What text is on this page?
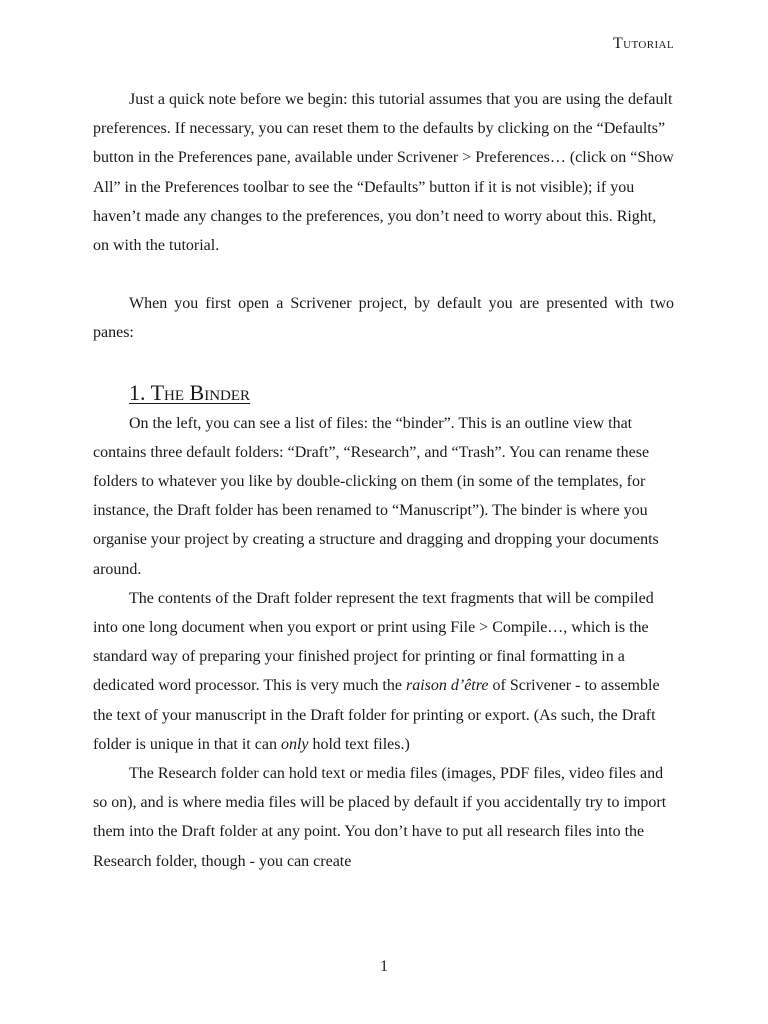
Tutorial

Just a quick note before we begin: this tutorial assumes that you are using the default preferences. If necessary, you can reset them to the defaults by clicking on the “Defaults” button in the Preferences pane, available under Scrivener > Preferences… (click on “Show All” in the Preferences toolbar to see the “Defaults” button if it is not visible); if you haven’t made any changes to the preferences, you don’t need to worry about this. Right, on with the tutorial.

When you first open a Scrivener project, by default you are presented with two panes:

1. The Binder

On the left, you can see a list of files: the “binder”. This is an outline view that contains three default folders: “Draft”, “Research”, and “Trash”. You can rename these folders to whatever you like by double-clicking on them (in some of the templates, for instance, the Draft folder has been renamed to “Manuscript”). The binder is where you organise your project by creating a structure and dragging and dropping your documents around.

The contents of the Draft folder represent the text fragments that will be compiled into one long document when you export or print using File > Compile…, which is the standard way of preparing your finished project for printing or final formatting in a dedicated word processor. This is very much the raison d’être of Scrivener - to assemble the text of your manuscript in the Draft folder for printing or export. (As such, the Draft folder is unique in that it can only hold text files.)

The Research folder can hold text or media files (images, PDF files, video files and so on), and is where media files will be placed by default if you accidentally try to import them into the Draft folder at any point. You don’t have to put all research files into the Research folder, though - you can create

1
